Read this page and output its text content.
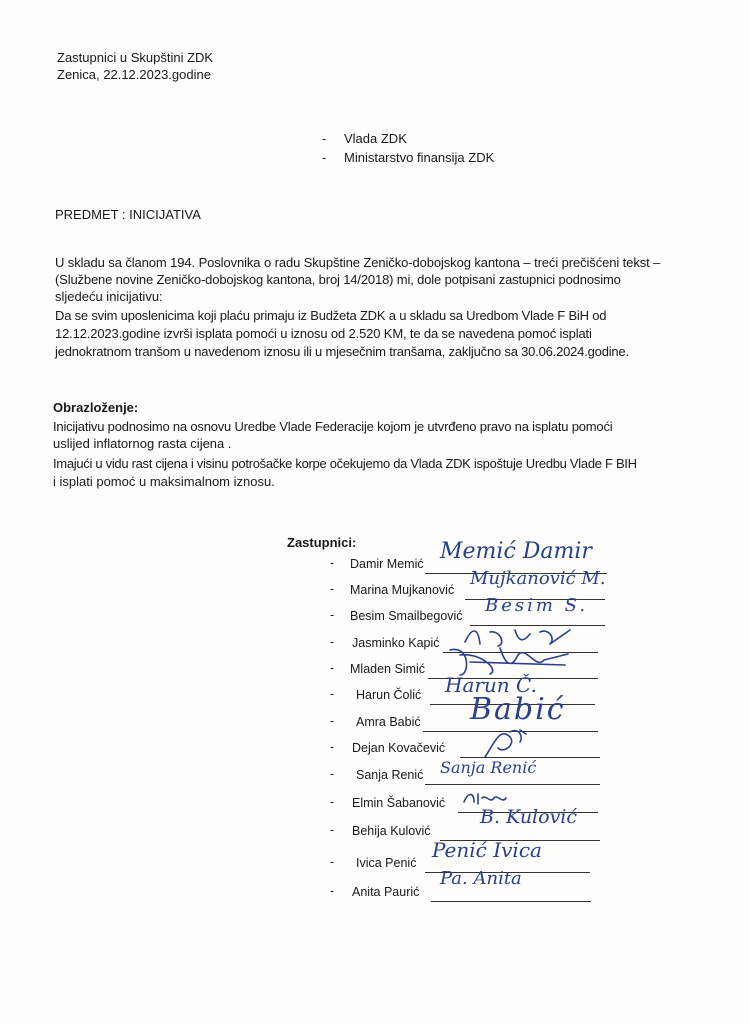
Zastupnici u Skupštini ZDK
Zenica, 22.12.2023.godine
- Vlada ZDK
- Ministarstvo finansija ZDK
PREDMET : INICIJATIVA
U skladu sa članom 194. Poslovnika o radu Skupštine Zeničko-dobojskog kantona – treći prečišćeni tekst –
(Službene novine Zeničko-dobojskog kantona, broj 14/2018) mi, dole potpisani zastupnici podnosimo
sljedeću inicijativu:
Da se svim uposlenicima koji plaću primaju iz Budžeta ZDK a u skladu sa Uredbom Vlade F BiH od
12.12.2023.godine izvrši isplata pomoći u iznosu od 2.520 KM, te da se navedena pomoć isplati
jednokratnom tranšom u navedenom iznosu ili u mjesečnim tranšama, zaključno sa 30.06.2024.godine.
Obrazloženje:
Inicijativu podnosimo na osnovu Uredbe Vlade Federacije kojom je utvrđeno pravo na isplatu pomoći
uslijed inflatornog rasta cijena .
Imajući u vidu rast cijena i visinu potrošačke korpe očekujemo da Vlada ZDK ispoštuje Uredbu Vlade F BIH
i isplati pomoć u maksimalnom iznosu.
Zastupnici:
- Damir Memić Memić Damir
- Marina Mujkanović
Mujkanović M.
- Besim Smailbegović Besim S.
- Jasminko Kapić
- Mladen Simić
- Harun Čolić Harun Č.
- Amra Babić Babić
- Dejan Kovačević
- Sanja Renić Sanja Renić
- Elmin Šabanović
- Behija Kulović
B. Kulović
- Ivica Penić
Penić Ivica
- Anita Paurić
Pa. Anita
